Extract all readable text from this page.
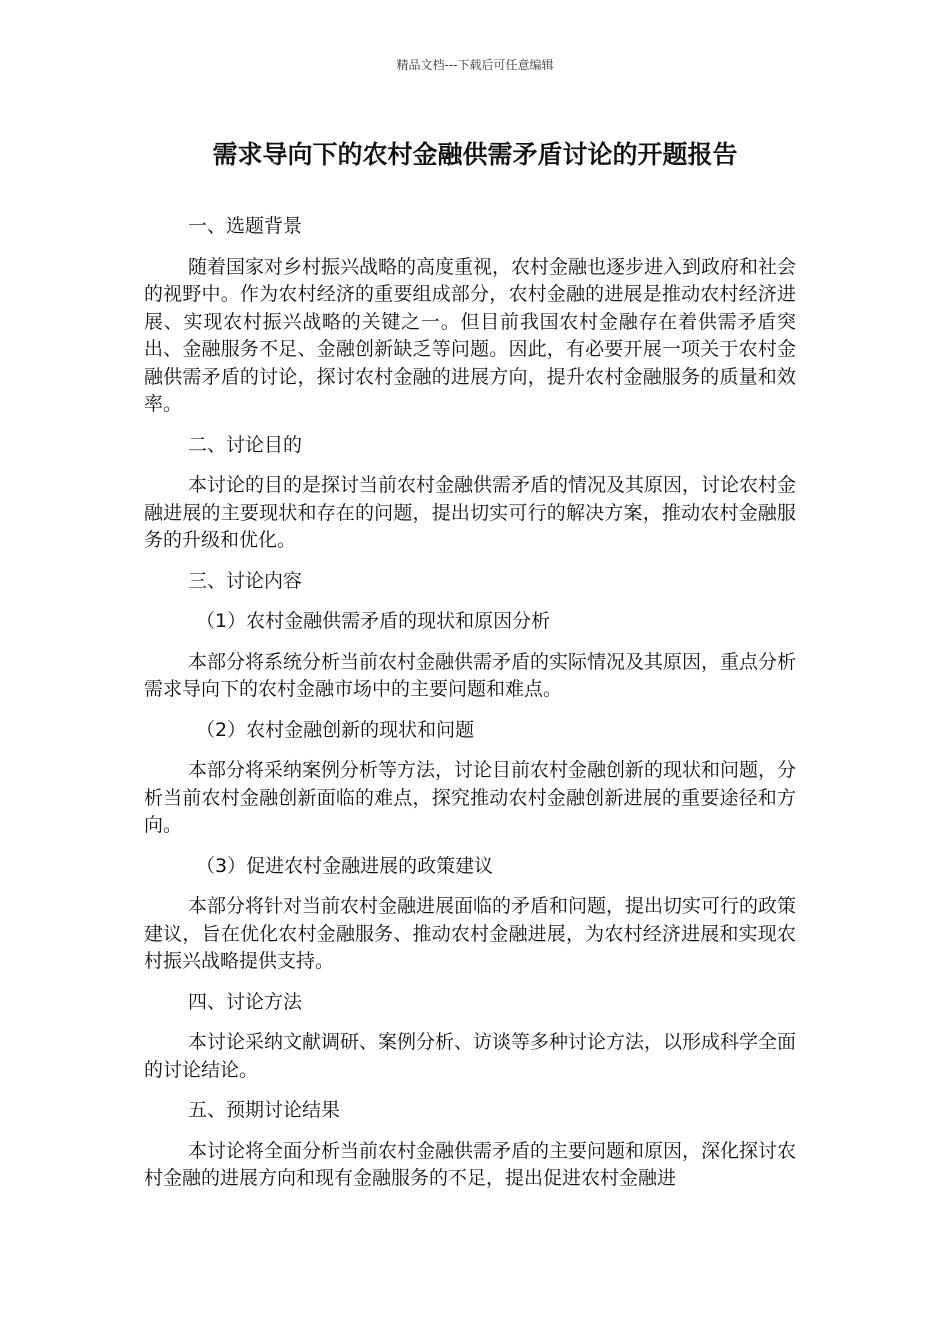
精品文档---下载后可任意编辑
需求导向下的农村金融供需矛盾讨论的开题报告

一、选题背景

随着国家对乡村振兴战略的高度重视，农村金融也逐步进入到政府和社会的视野中。作为农村经济的重要组成部分，农村金融的进展是推动农村经济进展、实现农村振兴战略的关键之一。但目前我国农村金融存在着供需矛盾突出、金融服务不足、金融创新缺乏等问题。因此，有必要开展一项关于农村金融供需矛盾的讨论，探讨农村金融的进展方向，提升农村金融服务的质量和效率。

二、讨论目的

本讨论的目的是探讨当前农村金融供需矛盾的情况及其原因，讨论农村金融进展的主要现状和存在的问题，提出切实可行的解决方案，推动农村金融服务的升级和优化。

三、讨论内容

（1）农村金融供需矛盾的现状和原因分析

本部分将系统分析当前农村金融供需矛盾的实际情况及其原因，重点分析需求导向下的农村金融市场中的主要问题和难点。

（2）农村金融创新的现状和问题

本部分将采纳案例分析等方法，讨论目前农村金融创新的现状和问题，分析当前农村金融创新面临的难点，探究推动农村金融创新进展的重要途径和方向。

（3）促进农村金融进展的政策建议

本部分将针对当前农村金融进展面临的矛盾和问题，提出切实可行的政策建议，旨在优化农村金融服务、推动农村金融进展，为农村经济进展和实现农村振兴战略提供支持。

四、讨论方法

本讨论采纳文献调研、案例分析、访谈等多种讨论方法，以形成科学全面的讨论结论。

五、预期讨论结果

本讨论将全面分析当前农村金融供需矛盾的主要问题和原因，深化探讨农村金融的进展方向和现有金融服务的不足，提出促进农村金融进
